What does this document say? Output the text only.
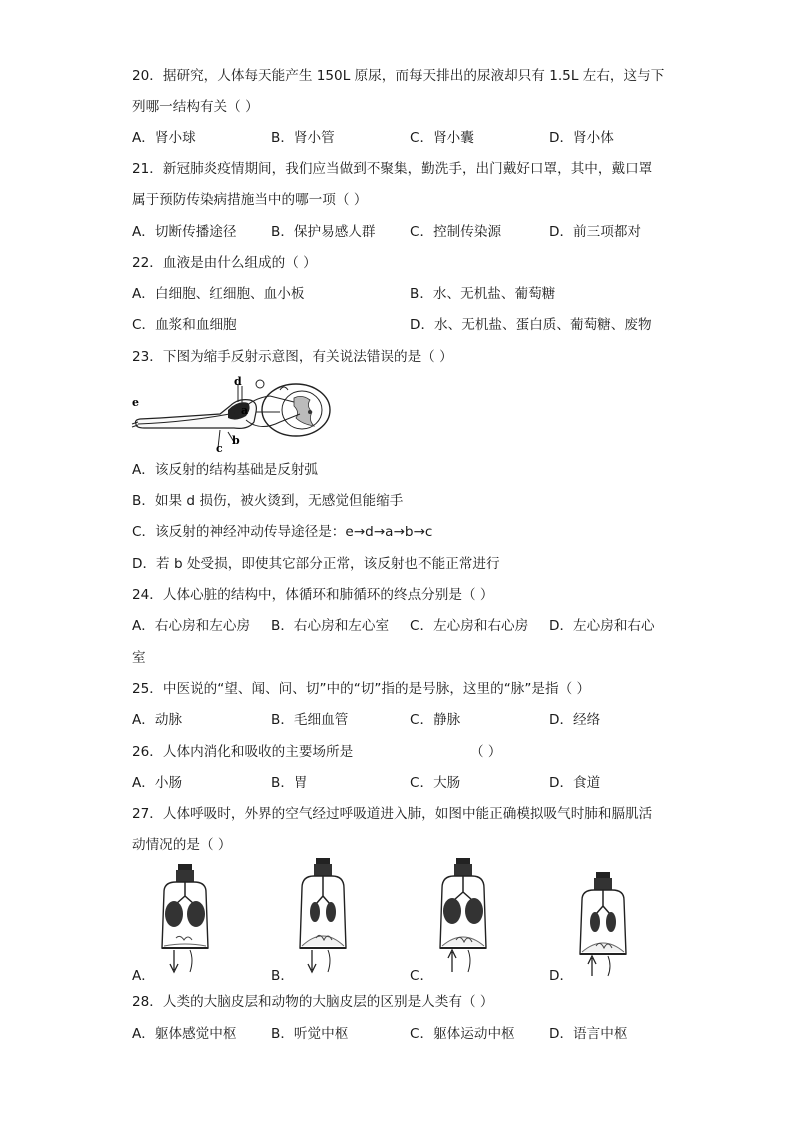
20．据研究，人体每天能产生 150L 原尿，而每天排出的尿液却只有 1.5L 左右，这与下
列哪一结构有关（ ）
A．肾小球	B．肾小管	C．肾小囊	D．肾小体
21．新冠肺炎疫情期间，我们应当做到不聚集，勤洗手，出门戴好口罩，其中，戴口罩
属于预防传染病措施当中的哪一项（ ）
A．切断传播途径	B．保护易感人群	C．控制传染源	D．前三项都对
22．血液是由什么组成的（ ）
A．白细胞、红细胞、血小板	B．水、无机盐、葡萄糖
C．血浆和血细胞	D．水、无机盐、蛋白质、葡萄糖、废物
23．下图为缩手反射示意图，有关说法错误的是（ ）
d
e
a
b
c
A．该反射的结构基础是反射弧
B．如果 d 损伤，被火烫到，无感觉但能缩手
C．该反射的神经冲动传导途径是：e→d→a→b→c
D．若 b 处受损，即使其它部分正常，该反射也不能正常进行
24．人体心脏的结构中，体循环和肺循环的终点分别是（ ）
A．右心房和左心房 B．右心房和左心室 C．左心房和右心房 D．左心房和右心
室
25．中医说的“望、闻、问、切”中的“切”指的是号脉，这里的“脉”是指（ ）
A．动脉	B．毛细血管	C．静脉	D．经络
26．人体内消化和吸收的主要场所是	（ ）
A．小肠	B．胃	C．大肠	D．食道
27．人体呼吸时，外界的空气经过呼吸道进入肺，如图中能正确模拟吸气时肺和膈肌活
动情况的是（ ）
A．	B．	C．	D．
28．人类的大脑皮层和动物的大脑皮层的区别是人类有（ ）
A．躯体感觉中枢	B．听觉中枢	C．躯体运动中枢	D．语言中枢
